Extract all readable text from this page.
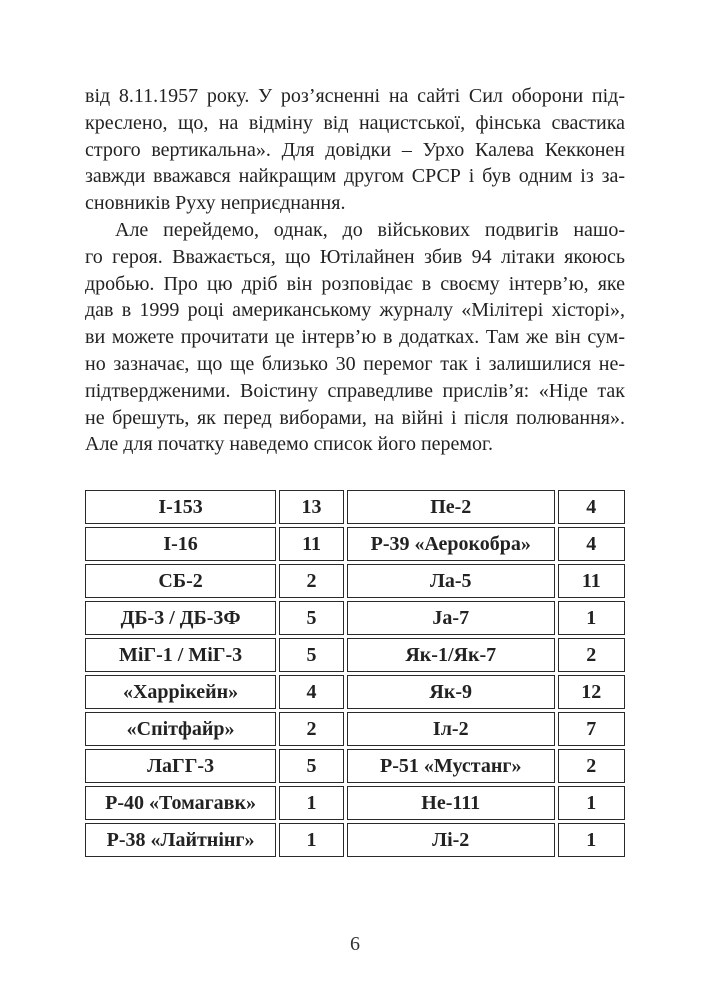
від 8.11.1957 року. У роз’ясненні на сайті Сил оборони під-
креслено, що, на відміну від нацистської, фінська свастика
строго вертикальна». Для довідки – Урхо Калева Кекконен
завжди вважався найкращим другом СРСР і був одним із за-
сновників Руху неприєднання.
Але перейдемо, однак, до військових подвигів нашо-
го героя. Вважається, що Ютілайнен збив 94 літаки якоюсь
дробью. Про цю дріб він розповідає в своєму інтерв’ю, яке
дав в 1999 році американському журналу «Мілітері хісторі»,
ви можете прочитати це інтерв’ю в додатках. Там же він сум-
но зазначає, що ще близько 30 перемог так і залишилися не-
підтвердженими. Воістину справедливе прислів’я: «Ніде так
не брешуть, як перед виборами, на війні і після полювання».
Але для початку наведемо список його перемог.
І-153	13	Пе-2	4
І-16	11	Р-39 «Аерокобра»	4
СБ-2	2	Ла-5	11
ДБ-3 / ДБ-3Ф	5	Ja-7	1
МіГ-1 / МіГ-3	5	Як-1/Як-7	2
«Харрікейн»	4	Як-9	12
«Спітфайр»	2	Іл-2	7
ЛаГГ-3	5	Р-51 «Мустанг»	2
Р-40 «Томагавк»	1	Не-111	1
Р-38 «Лайтнінг»	1	Лі-2	1
6
